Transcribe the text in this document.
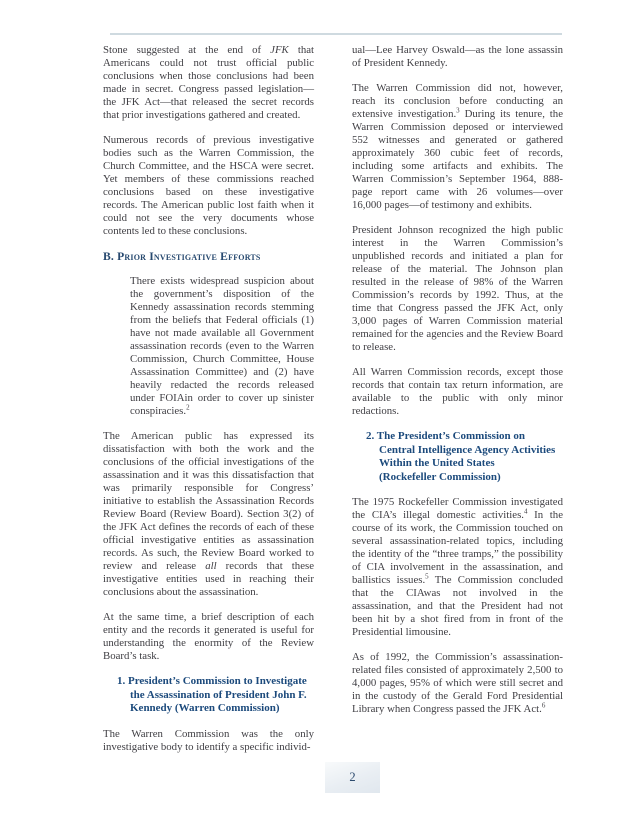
Stone suggested at the end of JFK that Americans could not trust official public conclusions when those conclusions had been made in secret. Congress passed legislation—the JFK Act—that released the secret records that prior investigations gathered and created.

Numerous records of previous investigative bodies such as the Warren Commission, the Church Committee, and the HSCA were secret. Yet members of these commissions reached conclusions based on these investigative records. The American public lost faith when it could not see the very documents whose contents led to these conclusions.

B. Prior Investigative Efforts
There exists widespread suspicion about the government’s disposition of the Kennedy assassination records stemming from the beliefs that Federal officials (1) have not made available all Government assassination records (even to the Warren Commission, Church Committee, House Assassination Committee) and (2) have heavily redacted the records released under FOIAin order to cover up sinister conspiracies.$^2$

The American public has expressed its dissatisfaction with both the work and the conclusions of the official investigations of the assassination and it was this dissatisfaction that was primarily responsible for Congress’ initiative to establish the Assassination Records Review Board (Review Board). Section 3(2) of the JFK Act defines the records of each of these official investigative entities as assassination records. As such, the Review Board worked to review and release all records that these investigative entities used in reaching their conclusions about the assassination.

At the same time, a brief description of each entity and the records it generated is useful for understanding the enormity of the Review Board’s task.

1. President’s Commission to Investigate
the Assassination of President John F.
Kennedy (Warren Commission)

The Warren Commission was the only investigative body to identify a specific individ-

ual—Lee Harvey Oswald—as the lone assassin of President Kennedy.

The Warren Commission did not, however, reach its conclusion before conducting an extensive investigation.$^3$ During its tenure, the Warren Commission deposed or interviewed 552 witnesses and generated or gathered approximately 360 cubic feet of records, including some artifacts and exhibits. The Warren Commission’s September 1964, 888-page report came with 26 volumes—over 16,000 pages—of testimony and exhibits.

President Johnson recognized the high public interest in the Warren Commission’s unpublished records and initiated a plan for release of the material. The Johnson plan resulted in the release of 98% of the Warren Commission’s records by 1992. Thus, at the time that Congress passed the JFK Act, only 3,000 pages of Warren Commission material remained for the agencies and the Review Board to release.

All Warren Commission records, except those records that contain tax return information, are available to the public with only minor redactions.

2. The President’s Commission on
Central Intelligence Agency Activities
Within the United States
(Rockefeller Commission)

The 1975 Rockefeller Commission investigated the CIA’s illegal domestic activities.$^4$ In the course of its work, the Commission touched on several assassination-related topics, including the identity of the “three tramps,” the possibility of CIA involvement in the assassination, and ballistics issues.$^5$ The Commission concluded that the CIAwas not involved in the assassination, and that the President had not been hit by a shot fired from in front of the Presidential limousine.

As of 1992, the Commission’s assassination-related files consisted of approximately 2,500 to 4,000 pages, 95% of which were still secret and in the custody of the Gerald Ford Presidential Library when Congress passed the JFK Act.$^6$

2
